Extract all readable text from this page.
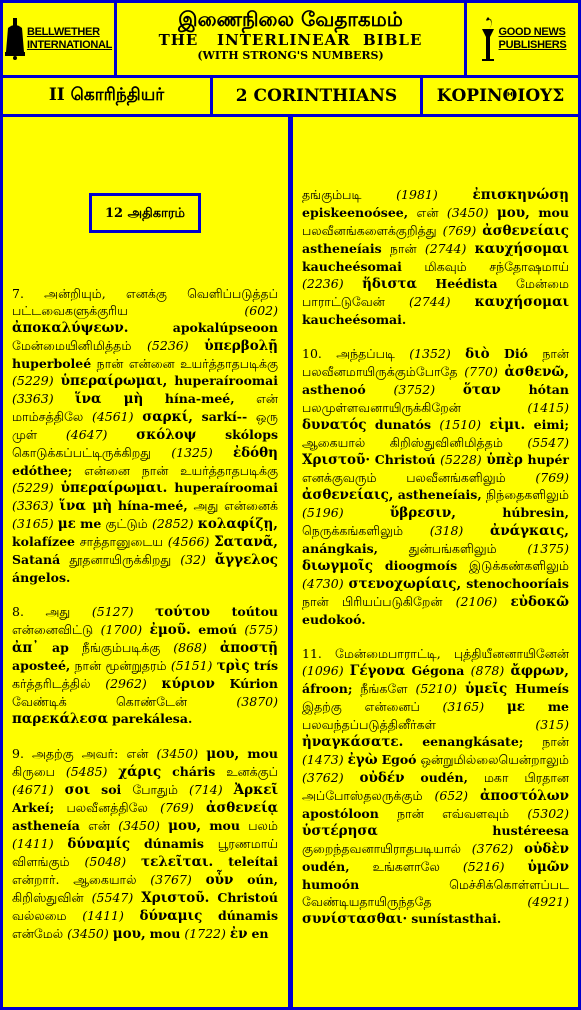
BELLWETHER
INTERNATIONAL
இணைநிலை வேதாகமம்
THE   INTERLINEAR  BIBLE
(WITH STRONG'S NUMBERS)
GOOD NEWS
PUBLISHERS
II கொரிந்தியர்	2 CORINTHIANS	ΚΟΡΙΝΘΙΟΥΣ
12 அதிகாரம்

7. அன்றியும், எனக்கு வெளிப்படுத்தப் பட்டவைகளுக்குரிய (602) ἀποκαλύψεων.	apokalúpseoon மேன்மையினிமித்தம் (5236) ὑπερβολῇ huperboleé நான் என்னை உயர்த்தாதபடிக்கு (5229) ὑπεραίρωμαι, huperaíroomai (3363) ἵνα μὴ hína-meé, என் மாம்சத்திலே (4561) σαρκί, sarkí-- ஒரு முள் (4647) σκόλοψ skólops கொடுக்கப்பட்டிருக்கிறது (1325) ἐδόθη edóthee; என்னை நான் உயர்த்தாதபடிக்கு (5229) ὑπεραίρωμαι. huperaíroomai (3363) ἵνα μὴ hína-meé, அது என்னைக் (3165) με me குட்டும் (2852) κολαφίζῃ, kolafízee சாத்தானுடைய (4566) Σατανᾶ, Sataná தூதனாயிருக்கிறது (32) ἄγγελος ángelos.

8. அது (5127) τούτου toútou என்னைவிட்டு (1700) ἐμοῦ. emoú (575) ἀπ᾽ ap நீங்கும்படிக்கு (868) ἀποστῇ aposteé, நான் மூன்றுதரம் (5151) τρὶς trís கர்த்தரிடத்தில் (2962) κύριον Kúrion வேண்டிக் கொண்டேன் (3870) παρεκάλεσα parekálesa.

9. அதற்கு அவர்: என் (3450) μου, mou கிருபை (5485) χάρις cháris உனக்குப் (4671) σοι soi போதும் (714) Ἀρκεῖ Arkeí; பலவீனத்திலே (769) ἀσθενείᾳ astheneía என் (3450) μου, mou பலம் (1411) δύναμίς dúnamis பூரணமாய் விளங்கும் (5048) τελεῖται. teleítai என்றார். ஆகையால் (3767) οὖν oún, கிறிஸ்துவின் (5547) Χριστοῦ. Christoú வல்லமை (1411) δύναμις dúnamis என்மேல் (3450) μου, mou (1722) ἐν en

தங்கும்படி (1981)	ἐπισκηνώσῃ episkeenoósee, என் (3450) μου, mou பலவீனங்களைக்குறித்து (769) ἀσθενείαις astheneíais நான் (2744) καυχήσομαι kaucheésomai மிகவும் சந்தோஷமாய் (2236) ἥδιστα Heédista மேன்மை பாராட்டுவேன் (2744) καυχήσομαι kaucheésomai.

10. அந்தப்படி (1352) διὸ Dió நான் பலவீனமாயிருக்கும்போதே (770) ἀσθενῶ, asthenoó (3752) ὅταν hótan பலமுள்ளவனாயிருக்கிறேன் (1415) δυνατός dunatós (1510) εἰμι. eimi; ஆகையால் கிறிஸ்துவினிமித்தம் (5547) Χριστοῦ· Christoú (5228) ὑπὲρ hupér எனக்குவரும் பலவீனங்களிலும் (769) ἀσθενείαις, astheneíais, நிந்தைகளிலும் (5196)	ὕβρεσιν,	húbresin, நெருக்கங்களிலும் (318) ἀνάγκαις, anángkais, துன்பங்களிலும் (1375) διωγμοῖς dioogmoís இடுக்கண்களிலும் (4730) στενοχωρίαις, stenochooríais நான் பிரியப்படுகிறேன் (2106) εὐδοκῶ eudokoó.

11. மேன்மைபாராட்டி, புத்தியீனனாயினேன் (1096) Γέγονα Gégona (878) ἄφρων, áfroon; நீங்களே (5210) ὑμεῖς Humeís இதற்கு என்னைப் (3165) με me பலவந்தப்படுத்தினீர்கள் (315) ἠναγκάσατε. eenangkásate; நான் (1473) ἐγὼ Egoó ஒன்றுமில்லையென்றாலும் (3762) οὐδέν oudén, மகா பிரதான அப்போஸ்தலருக்கும் (652) ἀποστόλων apostóloon நான் எவ்வளவும் (5302) ὑστέρησα	hustéreesa குறைந்தவனாயிராதபடியால் (3762) οὐδὲν oudén, உங்களாலே (5216) ὑμῶν humoón மெச்சிக்கொள்ளப்பட வேண்டியதாயிருந்ததே (4921) συνίστασθαι· sunístasthai.
